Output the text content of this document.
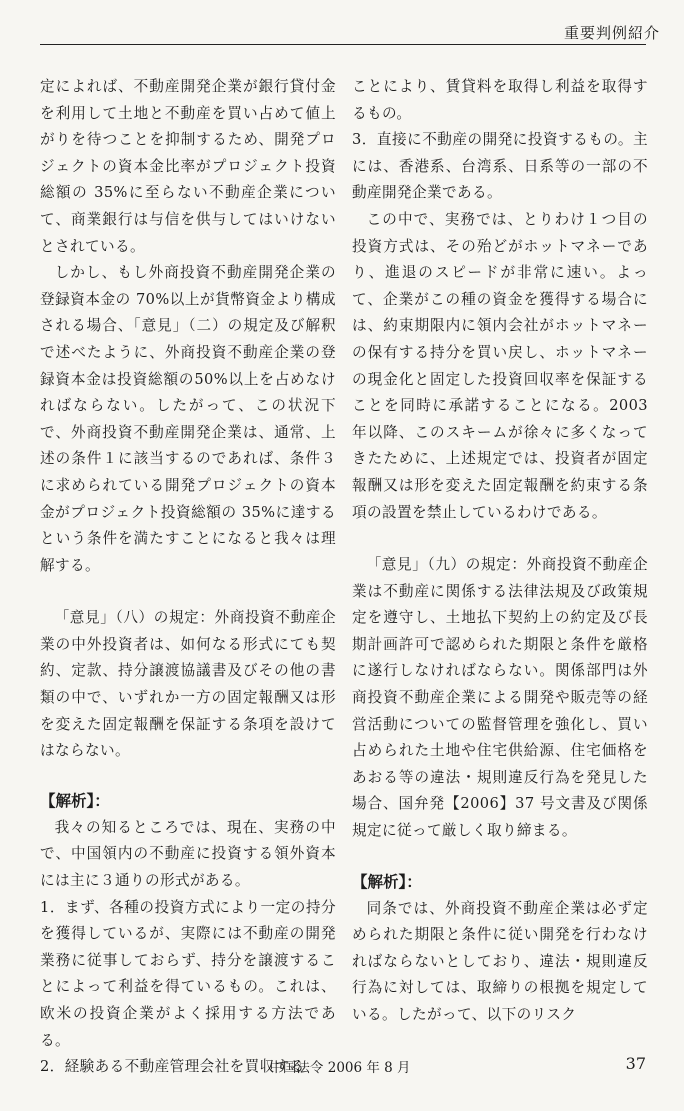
重要判例紹介

定によれば、不動産開発企業が銀行貸付金を利用して土地と不動産を買い占めて値上がりを待つことを抑制するため、開発プロジェクトの資本金比率がプロジェクト投資総額の 35%に至らない不動産企業について、商業銀行は与信を供与してはいけないとされている。

しかし、もし外商投資不動産開発企業の登録資本金の 70%以上が貨幣資金より構成される場合、「意見」（二）の規定及び解釈で述べたように、外商投資不動産企業の登録資本金は投資総額の50%以上を占めなければならない。したがって、この状況下で、外商投資不動産開発企業は、通常、上述の条件１に該当するのであれば、条件３に求められている開発プロジェクトの資本金がプロジェクト投資総額の 35%に達するという条件を満たすことになると我々は理解する。

「意見」（八）の規定：外商投資不動産企業の中外投資者は、如何なる形式にても契約、定款、持分譲渡協議書及びその他の書類の中で、いずれか一方の固定報酬又は形を変えた固定報酬を保証する条項を設けてはならない。

【解析】：

我々の知るところでは、現在、実務の中で、中国領内の不動産に投資する領外資本には主に３通りの形式がある。

1．まず、各種の投資方式により一定の持分を獲得しているが、実際には不動産の開発業務に従事しておらず、持分を譲渡することによって利益を得ているもの。これは、欧米の投資企業がよく採用する方法である。

2．経験ある不動産管理会社を買収する

ことにより、賃貸料を取得し利益を取得するもの。

3．直接に不動産の開発に投資するもの。主には、香港系、台湾系、日系等の一部の不動産開発企業である。

この中で、実務では、とりわけ１つ目の投資方式は、その殆どがホットマネーであり、進退のスピードが非常に速い。よって、企業がこの種の資金を獲得する場合には、約束期限内に領内会社がホットマネーの保有する持分を買い戻し、ホットマネーの現金化と固定した投資回収率を保証することを同時に承諾することになる。2003 年以降、このスキームが徐々に多くなってきたために、上述規定では、投資者が固定報酬又は形を変えた固定報酬を約束する条項の設置を禁止しているわけである。

「意見」（九）の規定：外商投資不動産企業は不動産に関係する法律法規及び政策規定を遵守し、土地払下契約上の約定及び長期計画許可で認められた期限と条件を厳格に遂行しなければならない。関係部門は外商投資不動産企業による開発や販売等の経営活動についての監督管理を強化し、買い占められた土地や住宅供給源、住宅価格をあおる等の違法・規則違反行為を発見した場合、国弁発【2006】37 号文書及び関係規定に従って厳しく取り締まる。

【解析】：

同条では、外商投資不動産企業は必ず定められた期限と条件に従い開発を行わなければならないとしており、違法・規則違反行為に対しては、取締りの根拠を規定している。したがって、以下のリスク

中国法令 2006 年 8 月	37
